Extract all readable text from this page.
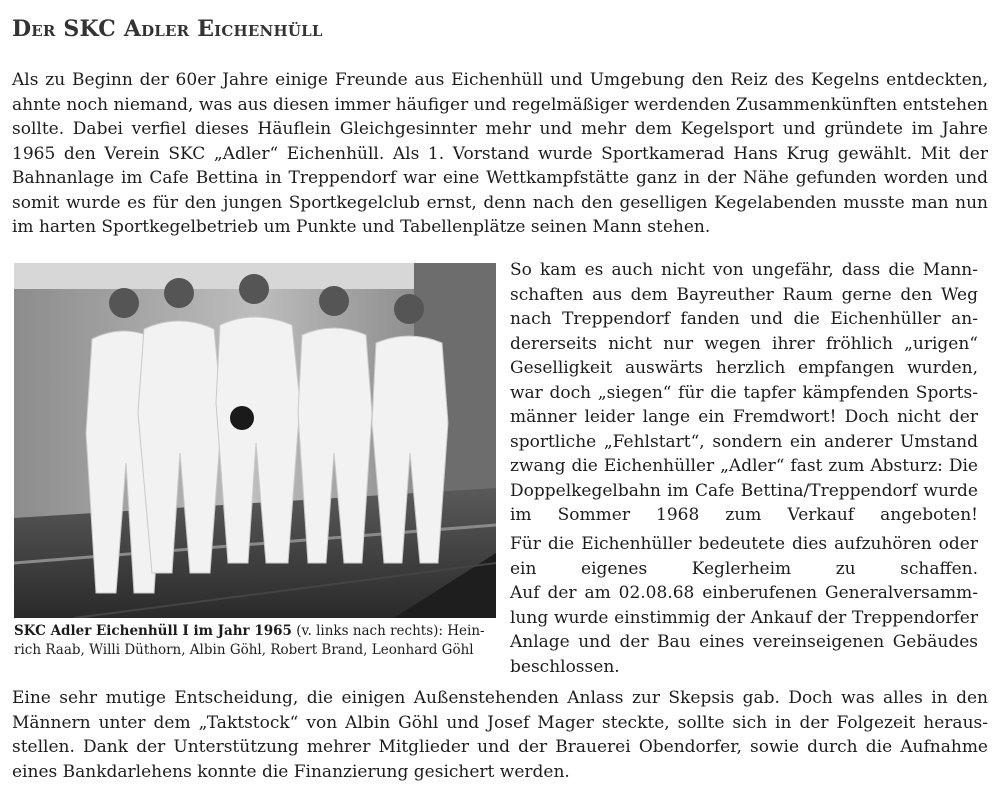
Der SKC Adler Eichenhüll

Als zu Beginn der 60er Jahre einige Freunde aus Eichenhüll und Umgebung den Reiz des Kegelns entdeckten, ahnte noch niemand, was aus diesen immer häufiger und regelmäßiger werdenden Zusammenkünften entstehen sollte. Dabei verfiel dieses Häuflein Gleichgesinnter mehr und mehr dem Kegelsport und gründete im Jahre 1965 den Verein SKC „Adler“ Eichenhüll. Als 1. Vorstand wurde Sportkamerad Hans Krug gewählt. Mit der Bahnanlage im Cafe Bettina in Treppendorf war eine Wettkampfstätte ganz in der Nähe gefunden worden und somit wurde es für den jungen Sportkegelclub ernst, denn nach den geselligen Kegelabenden musste man nun im harten Sportkegelbetrieb um Punkte und Tabellenplätze seinen Mann stehen.

SKC Adler Eichenhüll I im Jahr 1965 (v. links nach rechts): Heinrich Raab, Willi Düthorn, Albin Göhl, Robert Brand, Leonhard Göhl

So kam es auch nicht von ungefähr, dass die Mannschaften aus dem Bayreuther Raum gerne den Weg nach Treppendorf fanden und die Eichenhüller andererseits nicht nur wegen ihrer fröhlich „urigen“ Geselligkeit auswärts herzlich empfangen wurden, war doch „siegen“ für die tapfer kämpfenden Sportsmänner leider lange ein Fremdwort! Doch nicht der sportliche „Fehlstart“, sondern ein anderer Umstand zwang die Eichenhüller „Adler“ fast zum Absturz: Die Doppelkegelbahn im Cafe Bettina/Treppendorf wurde im Sommer 1968 zum Verkauf angeboten!

Für die Eichenhüller bedeutete dies aufzuhören oder ein eigenes Keglerheim zu schaffen.

Auf der am 02.08.68 einberufenen Generalversammlung wurde einstimmig der Ankauf der Treppendorfer Anlage und der Bau eines vereinseigenen Gebäudes beschlossen.

Eine sehr mutige Entscheidung, die einigen Außenstehenden Anlass zur Skepsis gab. Doch was alles in den Männern unter dem „Taktstock“ von Albin Göhl und Josef Mager steckte, sollte sich in der Folgezeit herausstellen. Dank der Unterstützung mehrer Mitglieder und der Brauerei Obendorfer, sowie durch die Aufnahme eines Bankdarlehens konnte die Finanzierung gesichert werden.
